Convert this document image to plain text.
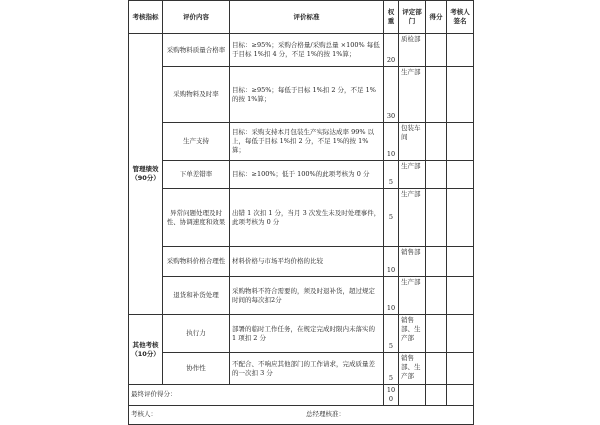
考核指标	评价内容	评价标准	权重	评定部门	得分	考核人签名
管理绩效（90分）	采购物料质量合格率	目标：≥95%；采购合格量/采购总量 ×100% 每低于目标 1%扣 4 分，不足 1%的按 1%算；	20	质检部		
	采购物料及时率	目标：≥95%；每低于目标 1%扣 2 分，不足 1%的按 1%算；	30	生产部		
	生产支持	目标：采购支持本月包装生产实际达成率 99% 以上，每低于目标 1%扣 2 分，不足 1%的按 1% 算；	10	包装车间		
	下单差错率	目标：≥100%；低于 100%的此项考核为 0 分	5	生产部		
	异常问题处理及时性、协调速度和效果	出错 1 次扣 1 分，当月 3 次发生未及时处理事件，此项考核为 0 分	5	生产部		
	采购物料价格合理性	材料价格与市场平均价格的比较	10	销售部		
	退货和补货处理	采购物料不符合需要的，须及时退补货，超过规定时间的每次扣2分	10	生产部		
其他考核（10分）	执行力	部署的临时工作任务，在规定完成时限内未落实的 1 项扣 2 分	5	销售部、生产部		
	协作性	不配合、不响应其他部门的工作请求，完成质量差的一次扣 3 分	5	销售部、生产部		
最终评价得分：			100			
考核人： 总经理核准：						
